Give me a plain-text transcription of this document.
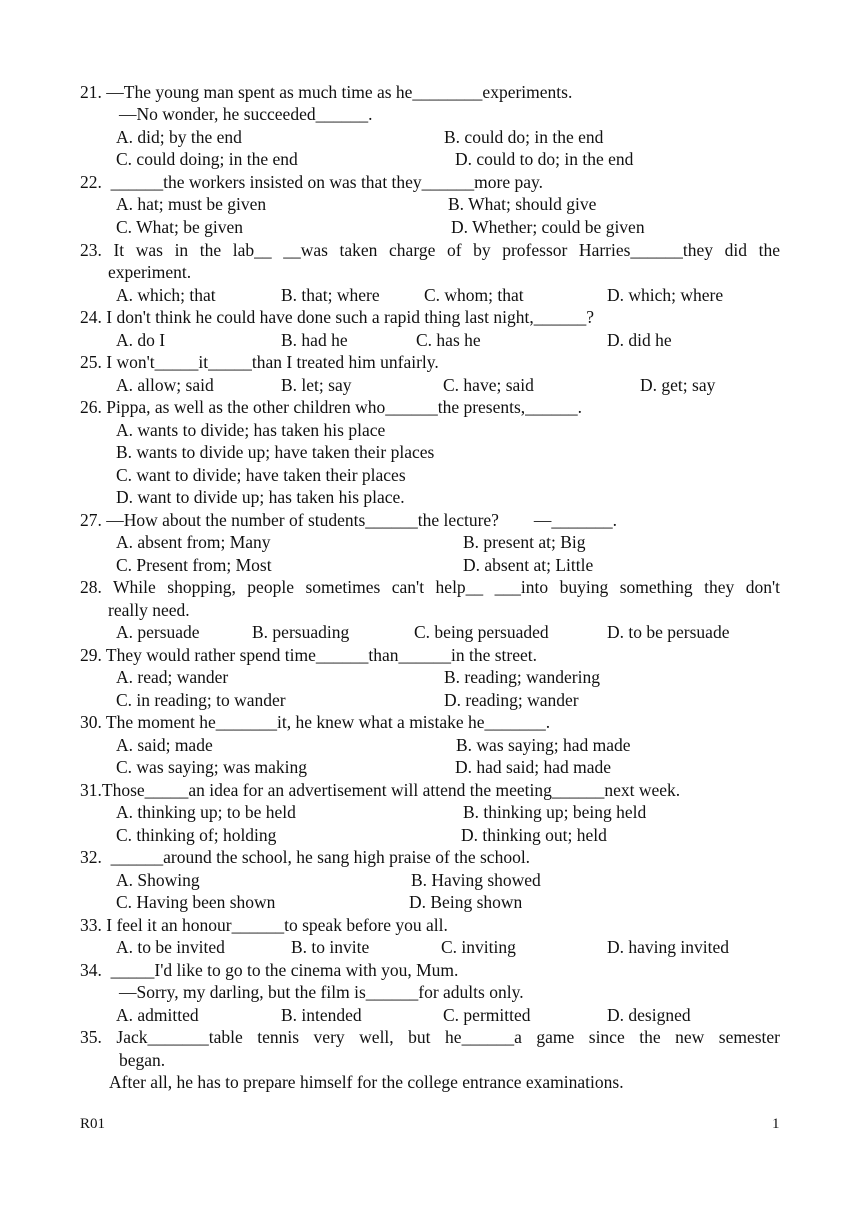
21. —The young man spent as much time as he________experiments.
—No wonder, he succeeded______.
A. did; by the end	B. could do; in the end
C. could doing; in the end	D. could to do; in the end
22.  ______the workers insisted on was that they______more pay.
A. hat; must be given	B. What; should give
C. What; be given	D. Whether; could be given
23. It was in the lab__ __was taken charge of by professor Harries______they did the
experiment.
A. which; that	B. that; where	C. whom; that	D. which; where
24. I don't think he could have done such a rapid thing last night,______?
A. do I	B. had he	C. has he	D. did he
25. I won't_____it_____than I treated him unfairly.
A. allow; said	B. let; say	C. have; said	D. get; say
26. Pippa, as well as the other children who______the presents,______.
A. wants to divide; has taken his place
B. wants to divide up; have taken their places
C. want to divide; have taken their places
D. want to divide up; has taken his place.
27. —How about the number of students______the lecture?        —_______.
A. absent from; Many	B. present at; Big
C. Present from; Most	D. absent at; Little
28. While shopping, people sometimes can't help__ ___into buying something they don't
really need.
A. persuade	B. persuading	C. being persuaded	D. to be persuade
29. They would rather spend time______than______in the street.
A. read; wander	B. reading; wandering
C. in reading; to wander	D. reading; wander
30. The moment he_______it, he knew what a mistake he_______.
A. said; made	B. was saying; had made
C. was saying; was making	D. had said; had made
31.Those_____an idea for an advertisement will attend the meeting______next week.
A. thinking up; to be held	B. thinking up; being held
C. thinking of; holding	D. thinking out; held
32.  ______around the school, he sang high praise of the school.
A. Showing	B. Having showed
C. Having been shown	D. Being shown
33. I feel it an honour______to speak before you all.
A. to be invited	B. to invite	C. inviting	D. having invited
34.  _____I'd like to go to the cinema with you, Mum.
—Sorry, my darling, but the film is______for adults only.
A. admitted	B. intended	C. permitted	D. designed
35. Jack_______table tennis very well, but he______a game since the new semester
began.
After all, he has to prepare himself for the college entrance examinations.
R01	1
